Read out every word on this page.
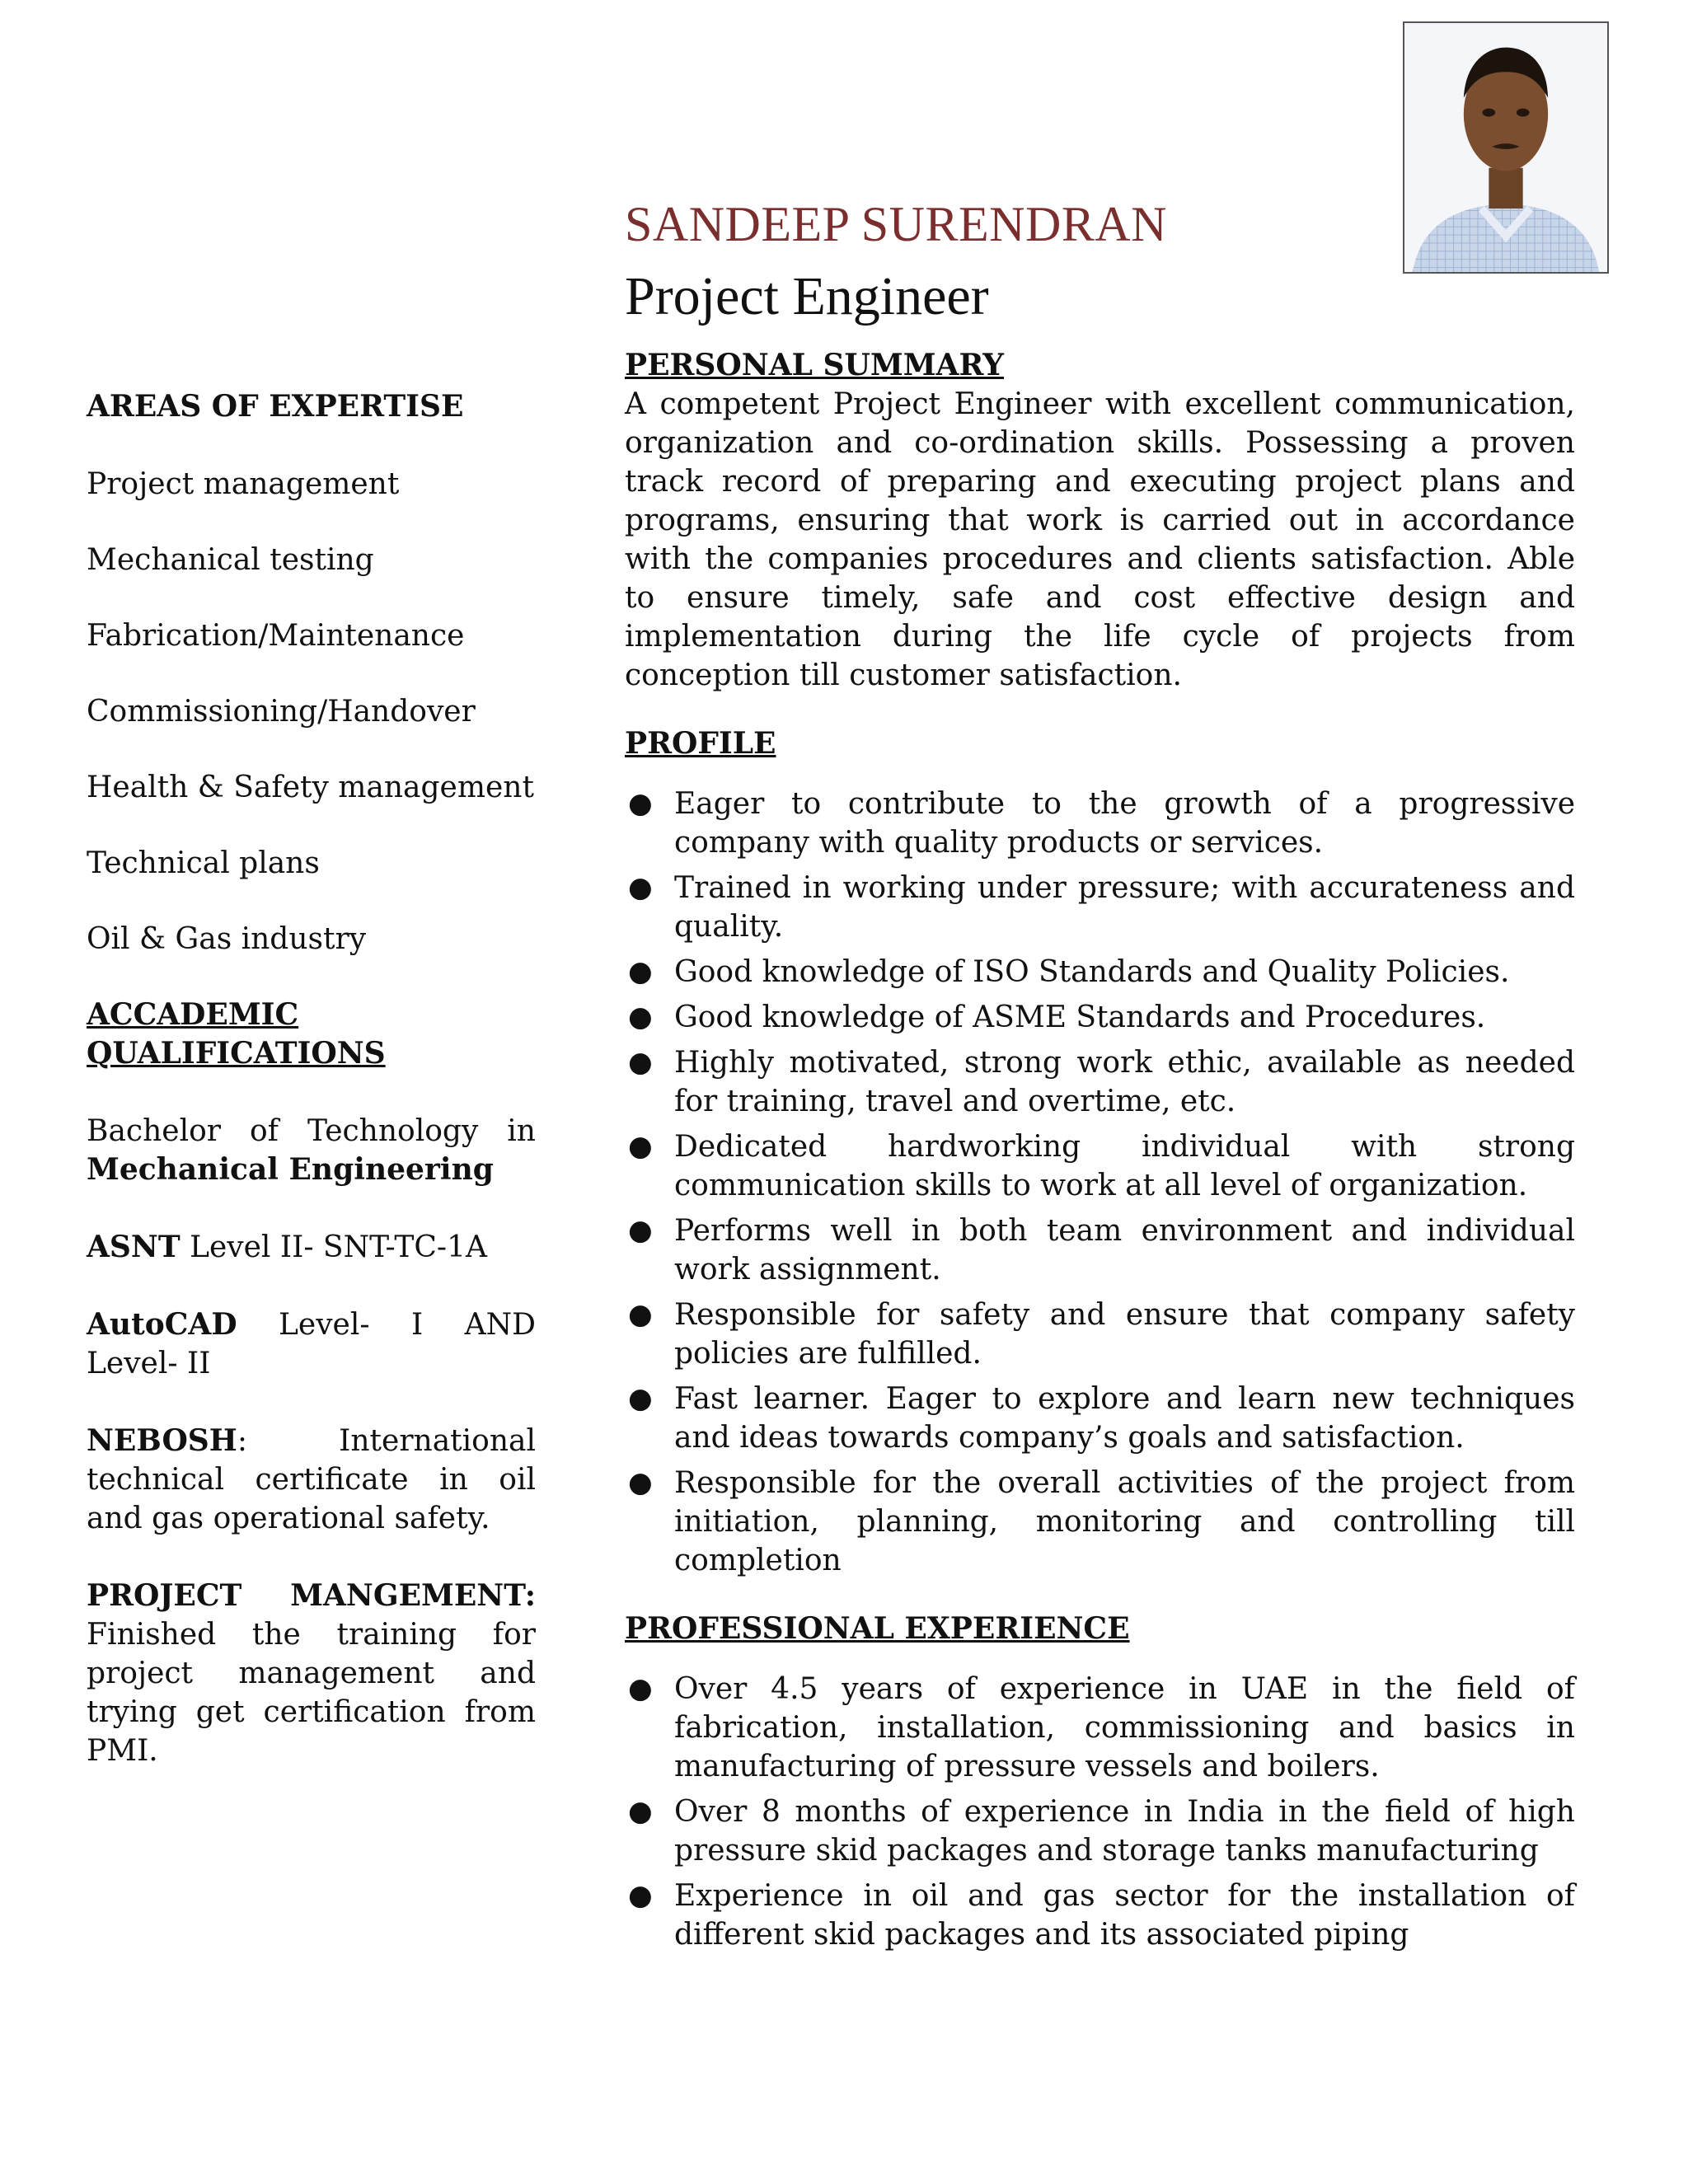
SANDEEP SURENDRAN
Project Engineer
AREAS OF EXPERTISE
Project management
Mechanical testing
Fabrication/Maintenance
Commissioning/Handover
Health & Safety management
Technical plans
Oil & Gas industry
ACCADEMIC QUALIFICATIONS
Bachelor of Technology in Mechanical Engineering
ASNT Level II- SNT-TC-1A
AutoCAD Level- I AND Level- II
NEBOSH: International technical certificate in oil and gas operational safety.
PROJECT MANGEMENT: Finished the training for project management and trying get certification from PMI.
PERSONAL SUMMARY
A competent Project Engineer with excellent communication, organization and co-ordination skills. Possessing a proven track record of preparing and executing project plans and programs, ensuring that work is carried out in accordance with the companies procedures and clients satisfaction. Able to ensure timely, safe and cost effective design and implementation during the life cycle of projects from conception till customer satisfaction.
PROFILE
● Eager to contribute to the growth of a progressive company with quality products or services.
● Trained in working under pressure; with accurateness and quality.
● Good knowledge of ISO Standards and Quality Policies.
● Good knowledge of ASME Standards and Procedures.
● Highly motivated, strong work ethic, available as needed for training, travel and overtime, etc.
● Dedicated hardworking individual with strong communication skills to work at all level of organization.
● Performs well in both team environment and individual work assignment.
● Responsible for safety and ensure that company safety policies are fulfilled.
● Fast learner. Eager to explore and learn new techniques and ideas towards company’s goals and satisfaction.
● Responsible for the overall activities of the project from initiation, planning, monitoring and controlling till completion
PROFESSIONAL EXPERIENCE
● Over 4.5 years of experience in UAE in the field of fabrication, installation, commissioning and basics in manufacturing of pressure vessels and boilers.
● Over 8 months of experience in India in the field of high pressure skid packages and storage tanks manufacturing
● Experience in oil and gas sector for the installation of different skid packages and its associated piping
